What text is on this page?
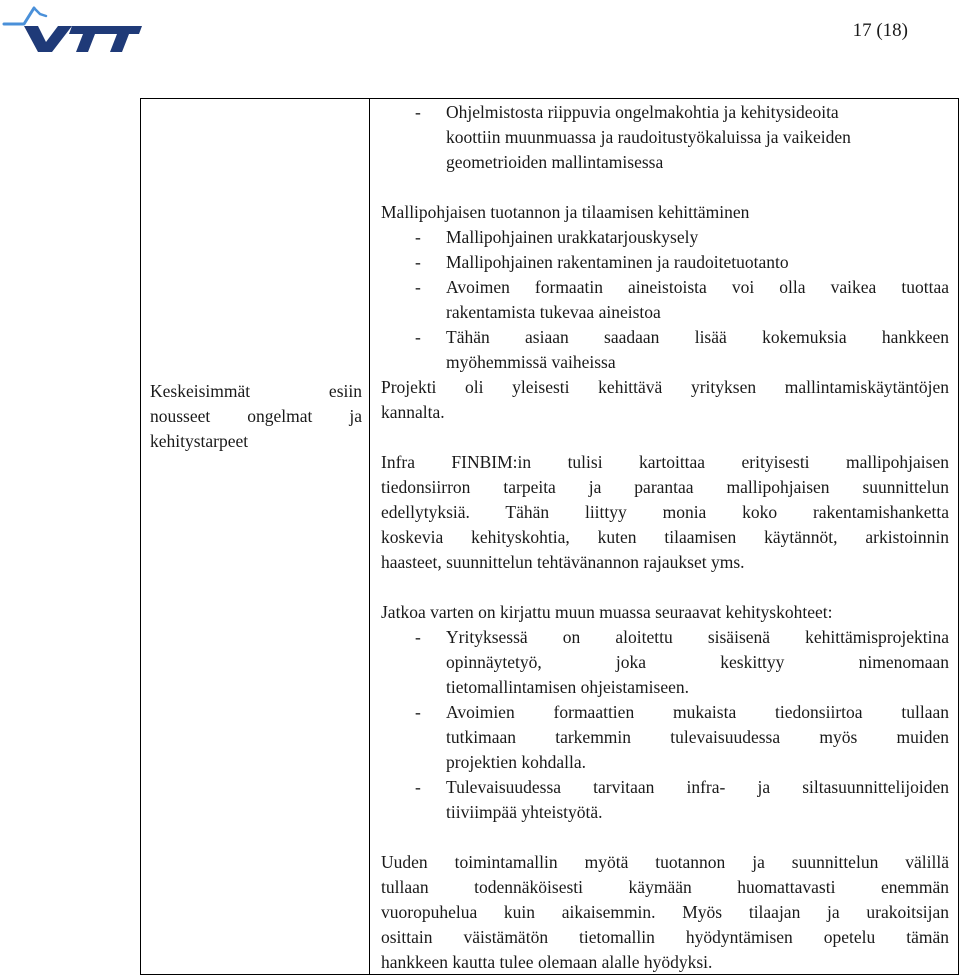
17 (18)
Keskeisimmät esiin
nousseet ongelmat ja
kehitystarpeet
- Ohjelmistosta riippuvia ongelmakohtia ja kehitysideoita
koottiin muunmuassa ja raudoitustyökaluissa ja vaikeiden
geometrioiden mallintamisessa
Mallipohjaisen tuotannon ja tilaamisen kehittäminen
- Mallipohjainen urakkatarjouskysely
- Mallipohjainen rakentaminen ja raudoitetuotanto
- Avoimen formaatin aineistoista voi olla vaikea tuottaa
rakentamista tukevaa aineistoa
- Tähän asiaan saadaan lisää kokemuksia hankkeen
myöhemmissä vaiheissa
Projekti oli yleisesti kehittävä yrityksen mallintamiskäytäntöjen
kannalta.
Infra FINBIM:in tulisi kartoittaa erityisesti mallipohjaisen
tiedonsiirron tarpeita ja parantaa mallipohjaisen suunnittelun
edellytyksiä. Tähän liittyy monia koko rakentamishanketta
koskevia kehityskohtia, kuten tilaamisen käytännöt, arkistoinnin
haasteet, suunnittelun tehtävänannon rajaukset yms.
Jatkoa varten on kirjattu muun muassa seuraavat kehityskohteet:
- Yrityksessä on aloitettu sisäisenä kehittämisprojektina
opinnäytetyö, joka keskittyy nimenomaan
tietomallintamisen ohjeistamiseen.
- Avoimien formaattien mukaista tiedonsiirtoa tullaan
tutkimaan tarkemmin tulevaisuudessa myös muiden
projektien kohdalla.
- Tulevaisuudessa tarvitaan infra- ja siltasuunnittelijoiden
tiiviimpää yhteistyötä.
Uuden toimintamallin myötä tuotannon ja suunnittelun välillä
tullaan todennäköisesti käymään huomattavasti enemmän
vuoropuhelua kuin aikaisemmin. Myös tilaajan ja urakoitsijan
osittain väistämätön tietomallin hyödyntämisen opetelu tämän
hankkeen kautta tulee olemaan alalle hyödyksi.
